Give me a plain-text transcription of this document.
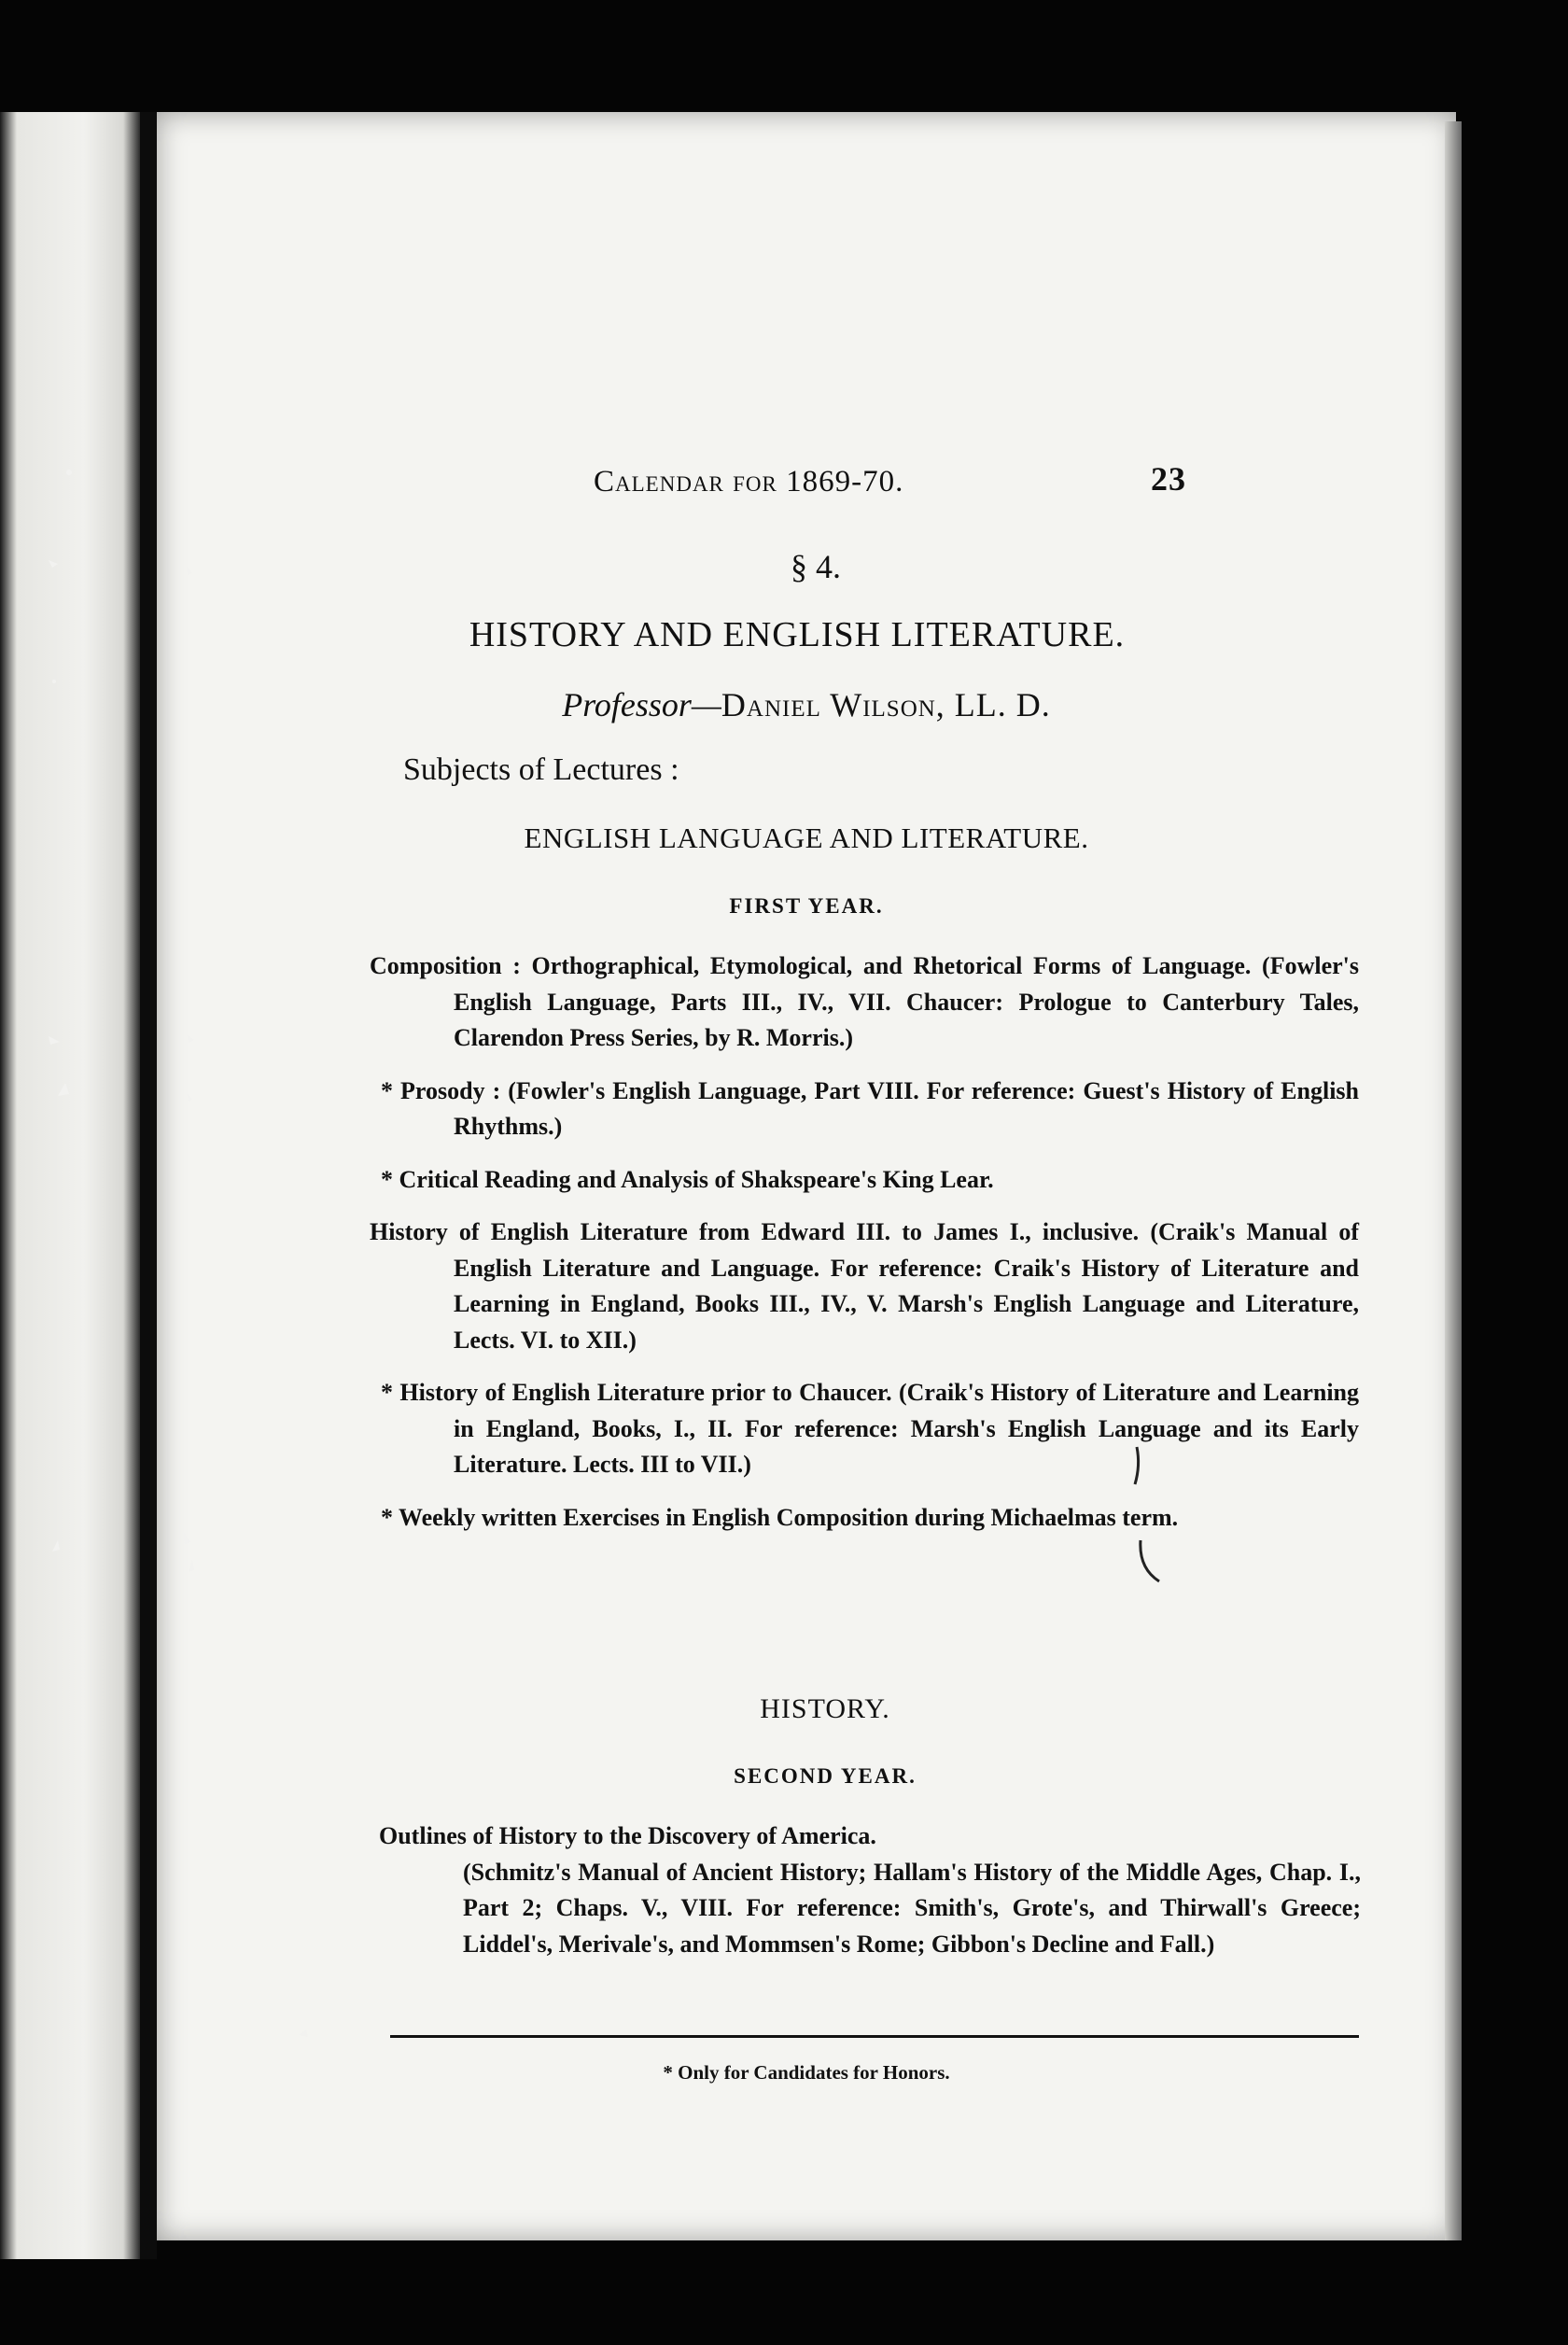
Calendar for 1869-70.	23
§ 4.
HISTORY AND ENGLISH LITERATURE.
Professor—Daniel Wilson, LL. D.
Subjects of Lectures :
ENGLISH LANGUAGE AND LITERATURE.
FIRST YEAR.

Composition : Orthographical, Etymological, and Rhetorical Forms of Language. (Fowler's English Language, Parts III., IV., VII. Chaucer: Prologue to Canterbury Tales, Clarendon Press Series, by R. Morris.)

* Prosody : (Fowler's English Language, Part VIII. For reference: Guest's History of English Rhythms.)

* Critical Reading and Analysis of Shakspeare's King Lear.

History of English Literature from Edward III. to James I., inclusive. (Craik's Manual of English Literature and Language. For reference: Craik's History of Literature and Learning in England, Books III., IV., V. Marsh's English Language and Literature, Lects. VI. to XII.)

* History of English Literature prior to Chaucer. (Craik's History of Literature and Learning in England, Books, I., II. For reference: Marsh's English Language and its Early Literature. Lects. III to VII.)

* Weekly written Exercises in English Composition during Michaelmas term.

HISTORY.
SECOND YEAR.

Outlines of History to the Discovery of America.

(Schmitz's Manual of Ancient History; Hallam's History of the Middle Ages, Chap. I., Part 2; Chaps. V., VIII. For reference: Smith's, Grote's, and Thirwall's Greece; Liddel's, Merivale's, and Mommsen's Rome; Gibbon's Decline and Fall.)

* Only for Candidates for Honors.
